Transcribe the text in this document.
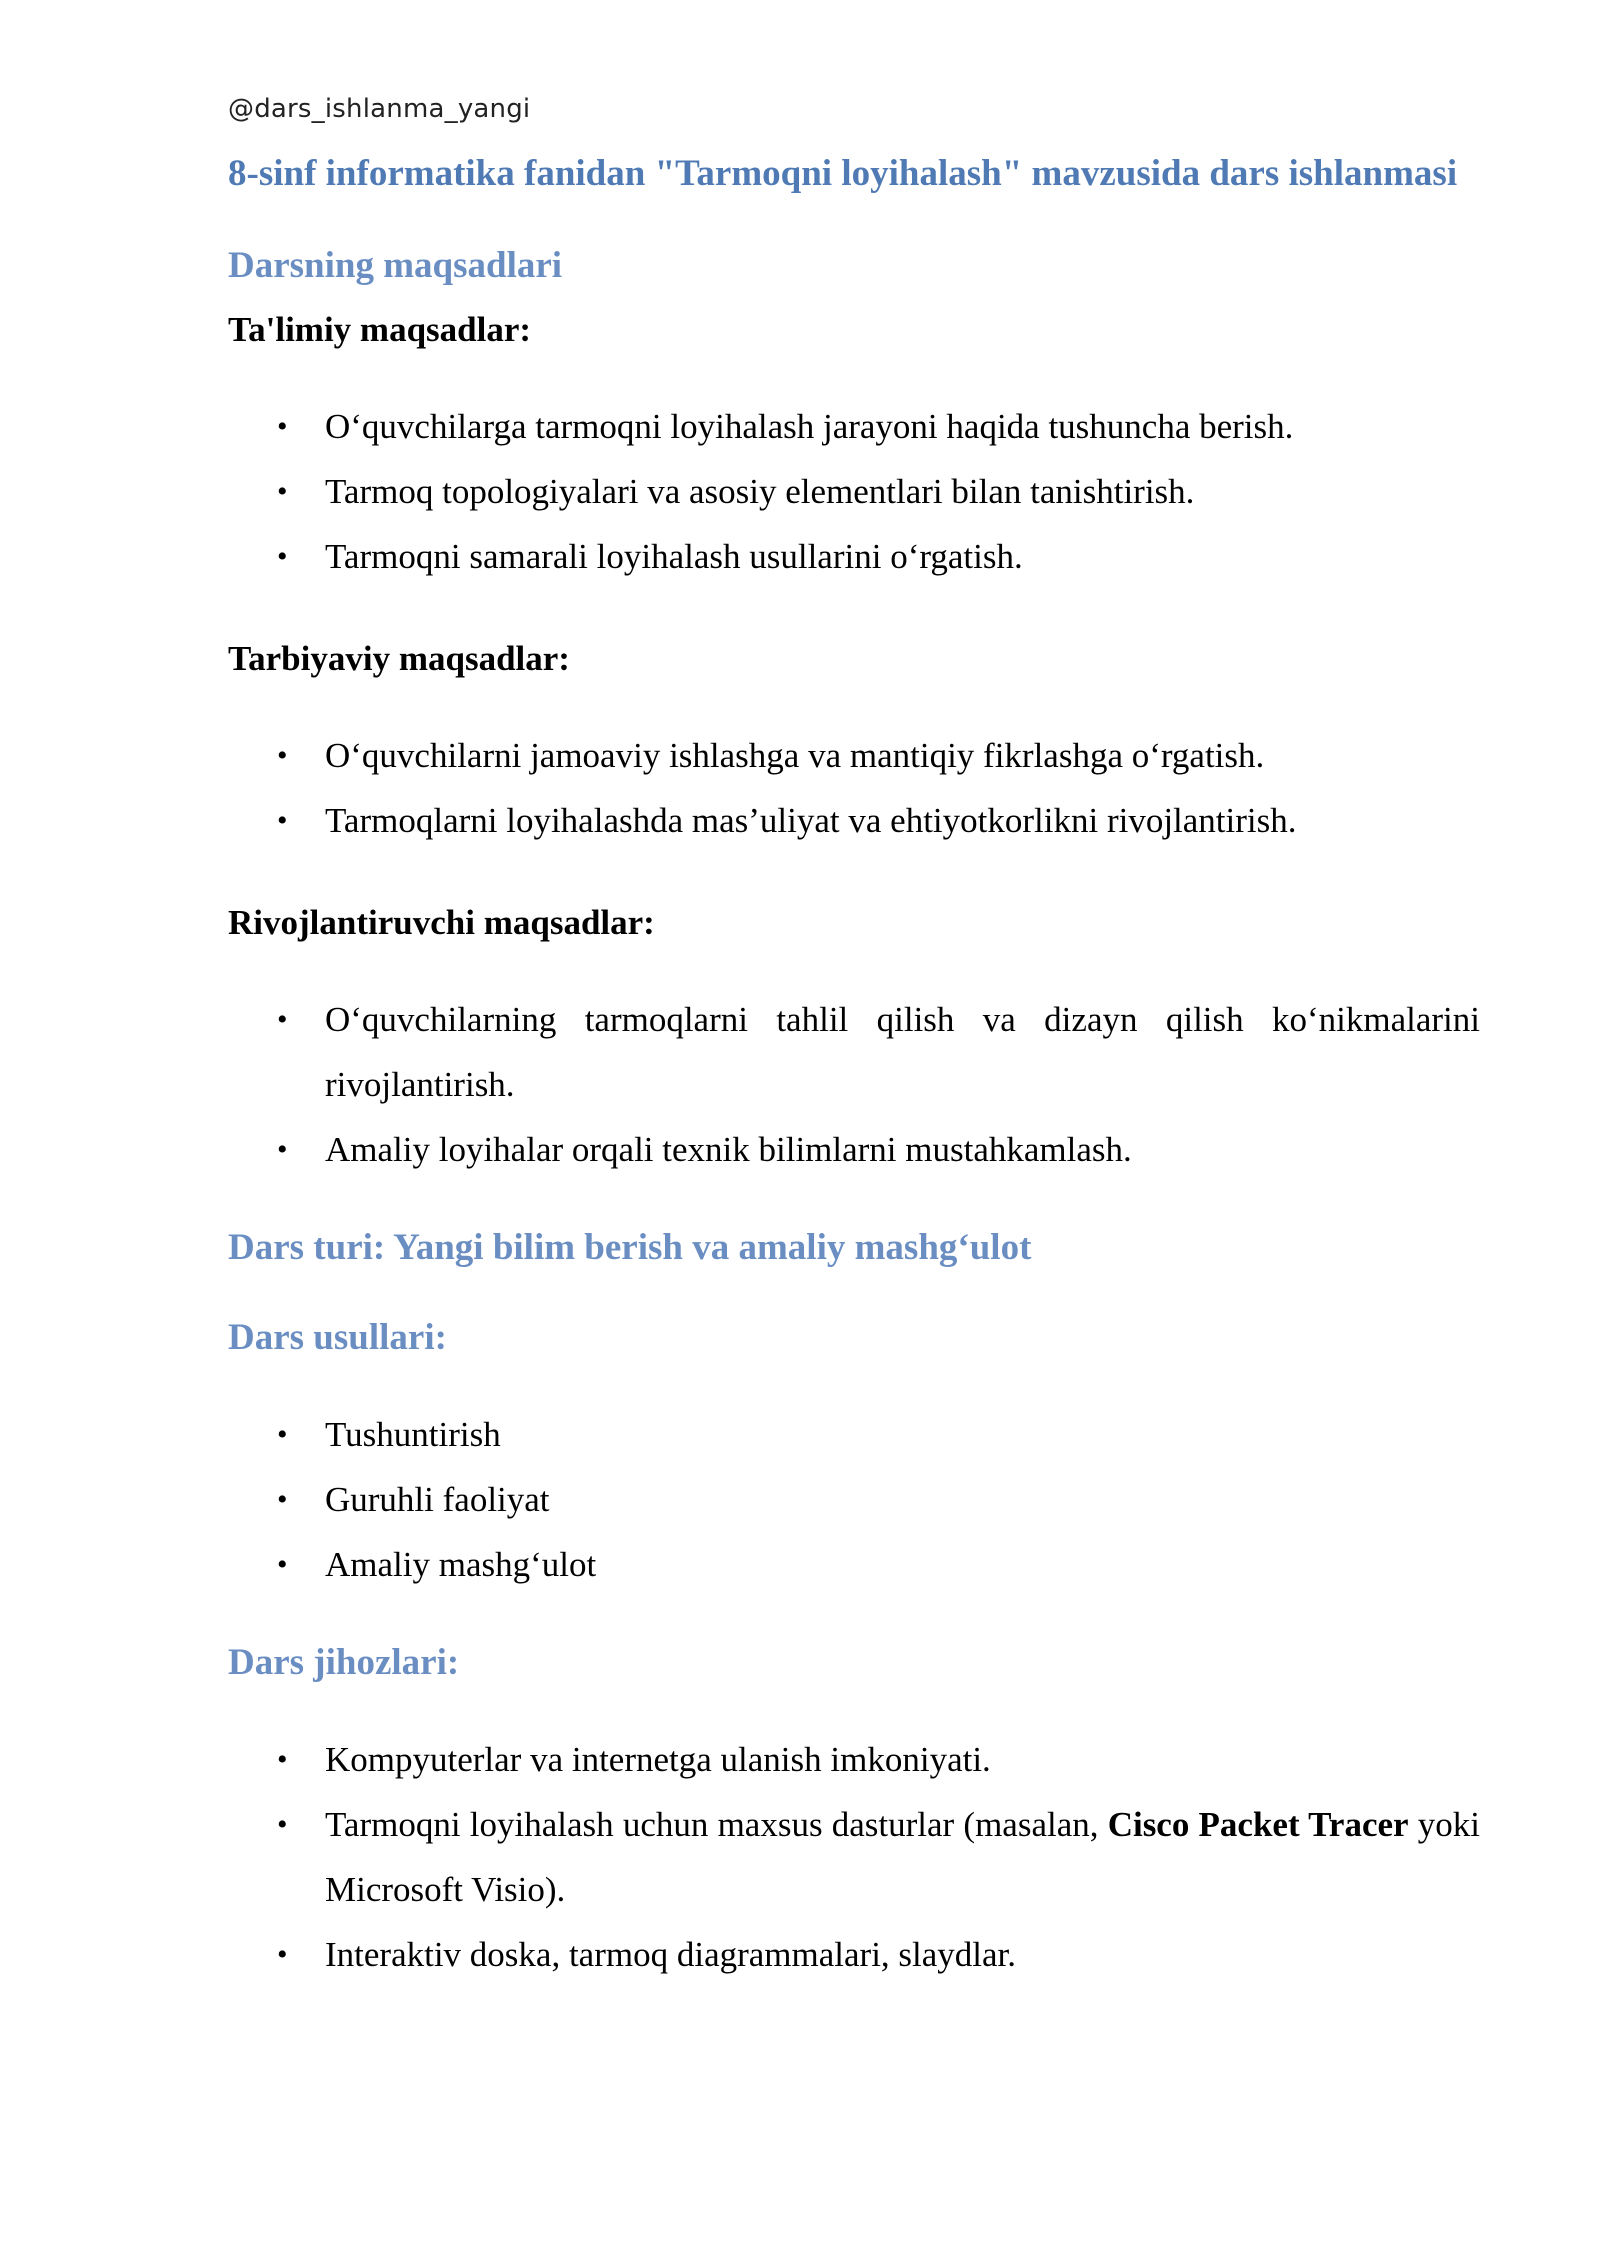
@dars_ishlanma_yangi
8-sinf informatika fanidan "Tarmoqni loyihalash" mavzusida dars ishlanmasi
Darsning maqsadlari
Ta'limiy maqsadlar:
• O‘quvchilarga tarmoqni loyihalash jarayoni haqida tushuncha berish.
• Tarmoq topologiyalari va asosiy elementlari bilan tanishtirish.
• Tarmoqni samarali loyihalash usullarini o‘rgatish.
Tarbiyaviy maqsadlar:
• O‘quvchilarni jamoaviy ishlashga va mantiqiy fikrlashga o‘rgatish.
• Tarmoqlarni loyihalashda mas’uliyat va ehtiyotkorlikni rivojlantirish.
Rivojlantiruvchi maqsadlar:
• O‘quvchilarning tarmoqlarni tahlil qilish va dizayn qilish ko‘nikmalarini rivojlantirish.
• Amaliy loyihalar orqali texnik bilimlarni mustahkamlash.
Dars turi: Yangi bilim berish va amaliy mashg‘ulot
Dars usullari:
• Tushuntirish
• Guruhli faoliyat
• Amaliy mashg‘ulot
Dars jihozlari:
• Kompyuterlar va internetga ulanish imkoniyati.
• Tarmoqni loyihalash uchun maxsus dasturlar (masalan, Cisco Packet Tracer yoki Microsoft Visio).
• Interaktiv doska, tarmoq diagrammalari, slaydlar.
